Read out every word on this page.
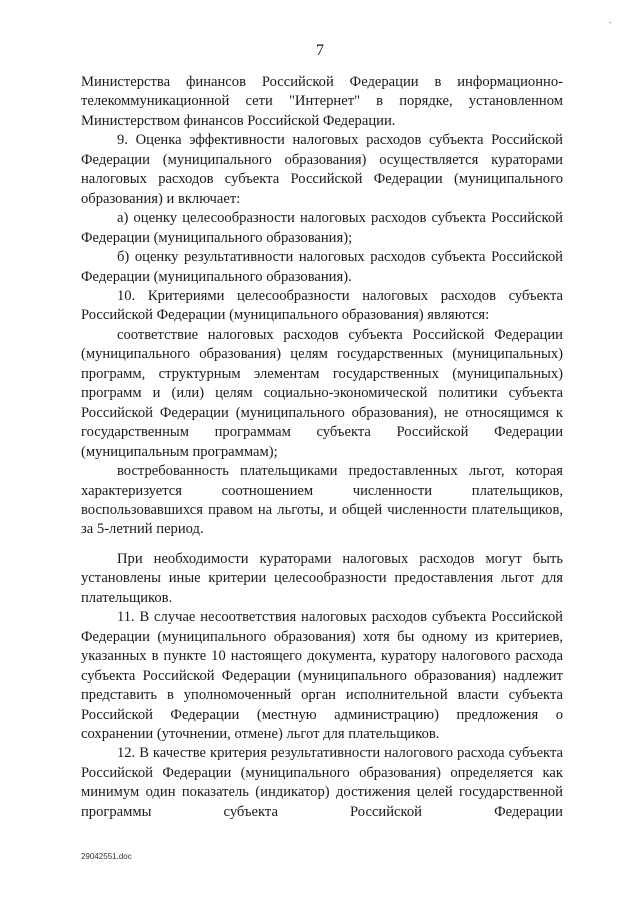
-
7

Министерства финансов Российской Федерации в информационно-телекоммуникационной сети "Интернет" в порядке, установленном Министерством финансов Российской Федерации.

9. Оценка эффективности налоговых расходов субъекта Российской Федерации (муниципального образования) осуществляется кураторами налоговых расходов субъекта Российской Федерации (муниципального образования) и включает:

а) оценку целесообразности налоговых расходов субъекта Российской Федерации (муниципального образования);

б) оценку результативности налоговых расходов субъекта Российской Федерации (муниципального образования).

10. Критериями целесообразности налоговых расходов субъекта Российской Федерации (муниципального образования) являются:

соответствие налоговых расходов субъекта Российской Федерации (муниципального образования) целям государственных (муниципальных) программ, структурным элементам государственных (муниципальных) программ и (или) целям социально-экономической политики субъекта Российской Федерации (муниципального образования), не относящимся к государственным программам субъекта Российской Федерации (муниципальным программам);

востребованность плательщиками предоставленных льгот, которая характеризуется соотношением численности плательщиков, воспользовавшихся правом на льготы, и общей численности плательщиков, за 5-летний период.

При необходимости кураторами налоговых расходов могут быть установлены иные критерии целесообразности предоставления льгот для плательщиков.

11. В случае несоответствия налоговых расходов субъекта Российской Федерации (муниципального образования) хотя бы одному из критериев, указанных в пункте 10 настоящего документа, куратору налогового расхода субъекта Российской Федерации (муниципального образования) надлежит представить в уполномоченный орган исполнительной власти субъекта Российской Федерации (местную администрацию) предложения о сохранении (уточнении, отмене) льгот для плательщиков.

12. В качестве критерия результативности налогового расхода субъекта Российской Федерации (муниципального образования) определяется как минимум один показатель (индикатор) достижения целей государственной программы субъекта Российской Федерации

29042551.doc
